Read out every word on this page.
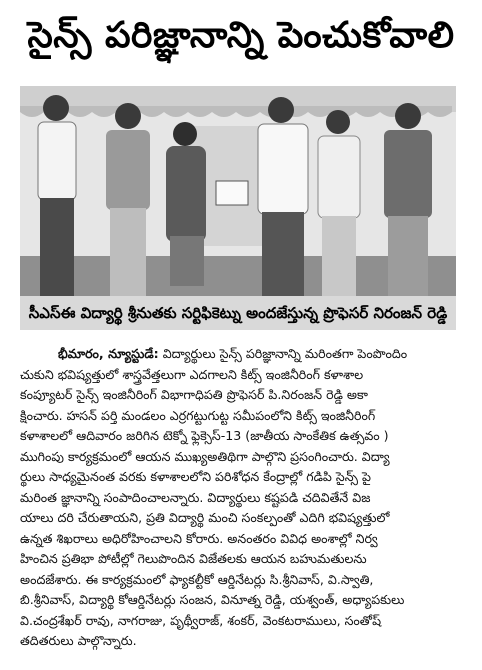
సైన్స్ పరిజ్ఞానాన్ని పెంచుకోవాలి
సీఎస్ఈ విద్యార్థి శ్రీనుతకు సర్టిఫికెట్ను అందజేస్తున్న ప్రొఫెసర్ నిరంజన్ రెడ్డి
భీమారం, న్యూస్టుడే: విద్యార్థులు సైన్స్ పరిజ్ఞానాన్ని మరింతగా పెంపొందిం
చుకుని భవిష్యత్తులో శాస్త్రవేత్తలుగా ఎదగాలని కిట్స్ ఇంజినీరింగ్ కళాశాల
కంప్యూటర్ సైన్స్ ఇంజినీరింగ్ విభాగాధిపతి ప్రొఫెసర్ పి.నిరంజన్ రెడ్డి అకా
క్షించారు. హసన్ పర్తి మండలం ఎర్రగట్టుగుట్ట సమీపంలోని కిట్స్ ఇంజినీరింగ్
కళాశాలలో ఆదివారం జరిగిన టెక్నో ఫ్లెక్సెస్-13 (జాతీయ సాంకేతిక ఉత్సవం )
ముగింపు కార్యక్రమంలో ఆయన ముఖ్యఅతిథిగా పాల్గొని ప్రసంగించారు. విద్యా
ర్థులు సాధ్యమైనంత వరకు కళాశాలలోని పరిశోధన కేంద్రాల్లో గడిపి సైన్స్ పై
మరింత జ్ఞానాన్ని సంపాదించాలన్నారు. విద్యార్థులు కష్టపడి చదివితేనే విజ
యాలు దరి చేరుతాయని, ప్రతి విద్యార్థి మంచి సంకల్పంతో ఎదిగి భవిష్యత్తులో
ఉన్నత శిఖరాలు అధిరోహించాలని కోరారు. అనంతరం వివిధ అంశాల్లో నిర్వ
హించిన ప్రతిభా పోటీల్లో గెలుపొందిన విజేతలకు ఆయన బహుమతులను
అందజేశారు. ఈ కార్యక్రమంలో ఫ్యాకల్టీకో ఆర్డినేటర్లు సి.శ్రీనివాస్, వి.స్వాతి,
బి.శ్రీనివాస్, విద్యార్థి కోఆర్డినేటర్లు సంజన, వినూత్న రెడ్డి, యశ్వంత్, అధ్యాపకులు
వి.చంద్రశేఖర్ రావు, నాగరాజు, పృథ్వీరాజ్, శంకర్, వెంకటరాములు, సంతోష్
తదితరులు పాల్గొన్నారు.
